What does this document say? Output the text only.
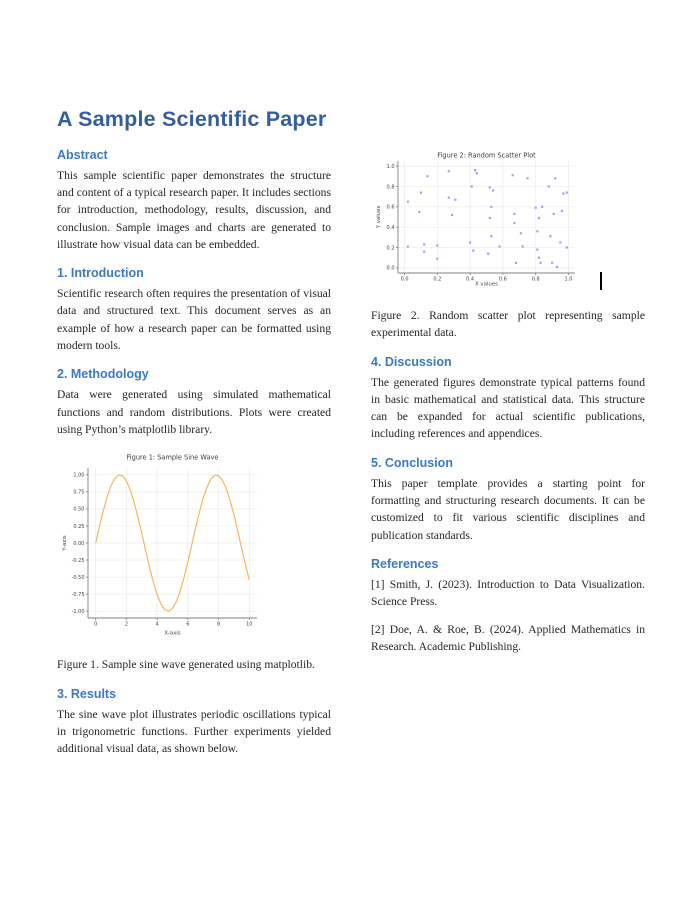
A Sample Scientific Paper
Abstract

This sample scientific paper demonstrates the structure and content of a typical research paper. It includes sections for introduction, methodology, results, discussion, and conclusion. Sample images and charts are generated to illustrate how visual data can be embedded.

1. Introduction

Scientific research often requires the presentation of visual data and structured text. This document serves as an example of how a research paper can be formatted using modern tools.

2. Methodology

Data were generated using simulated mathematical functions and random distributions. Plots were created using Python’s matplotlib library.

0	2	4	6	8	10
-1.00
-0.75
-0.50
-0.25
0.00
0.25
0.50
0.75
1.00
Figure 1: Sample Sine Wave
X-axis
Y-axis

Figure 1. Sample sine wave generated using matplotlib.

3. Results

The sine wave plot illustrates periodic oscillations typical in trigonometric functions. Further experiments yielded additional visual data, as shown below.

0.0	0.2	0.4	0.6	0.8	1.0
0.0
0.2
0.4
0.6
0.8
1.0
Figure 2: Random Scatter Plot
X values
Y values

Figure 2. Random scatter plot representing sample experimental data.

4. Discussion

The generated figures demonstrate typical patterns found in basic mathematical and statistical data. This structure can be expanded for actual scientific publications, including references and appendices.

5. Conclusion

This paper template provides a starting point for formatting and structuring research documents. It can be customized to fit various scientific disciplines and publication standards.

References

[1] Smith, J. (2023). Introduction to Data Visualization. Science Press.

[2] Doe, A. & Roe, B. (2024). Applied Mathematics in Research. Academic Publishing.
